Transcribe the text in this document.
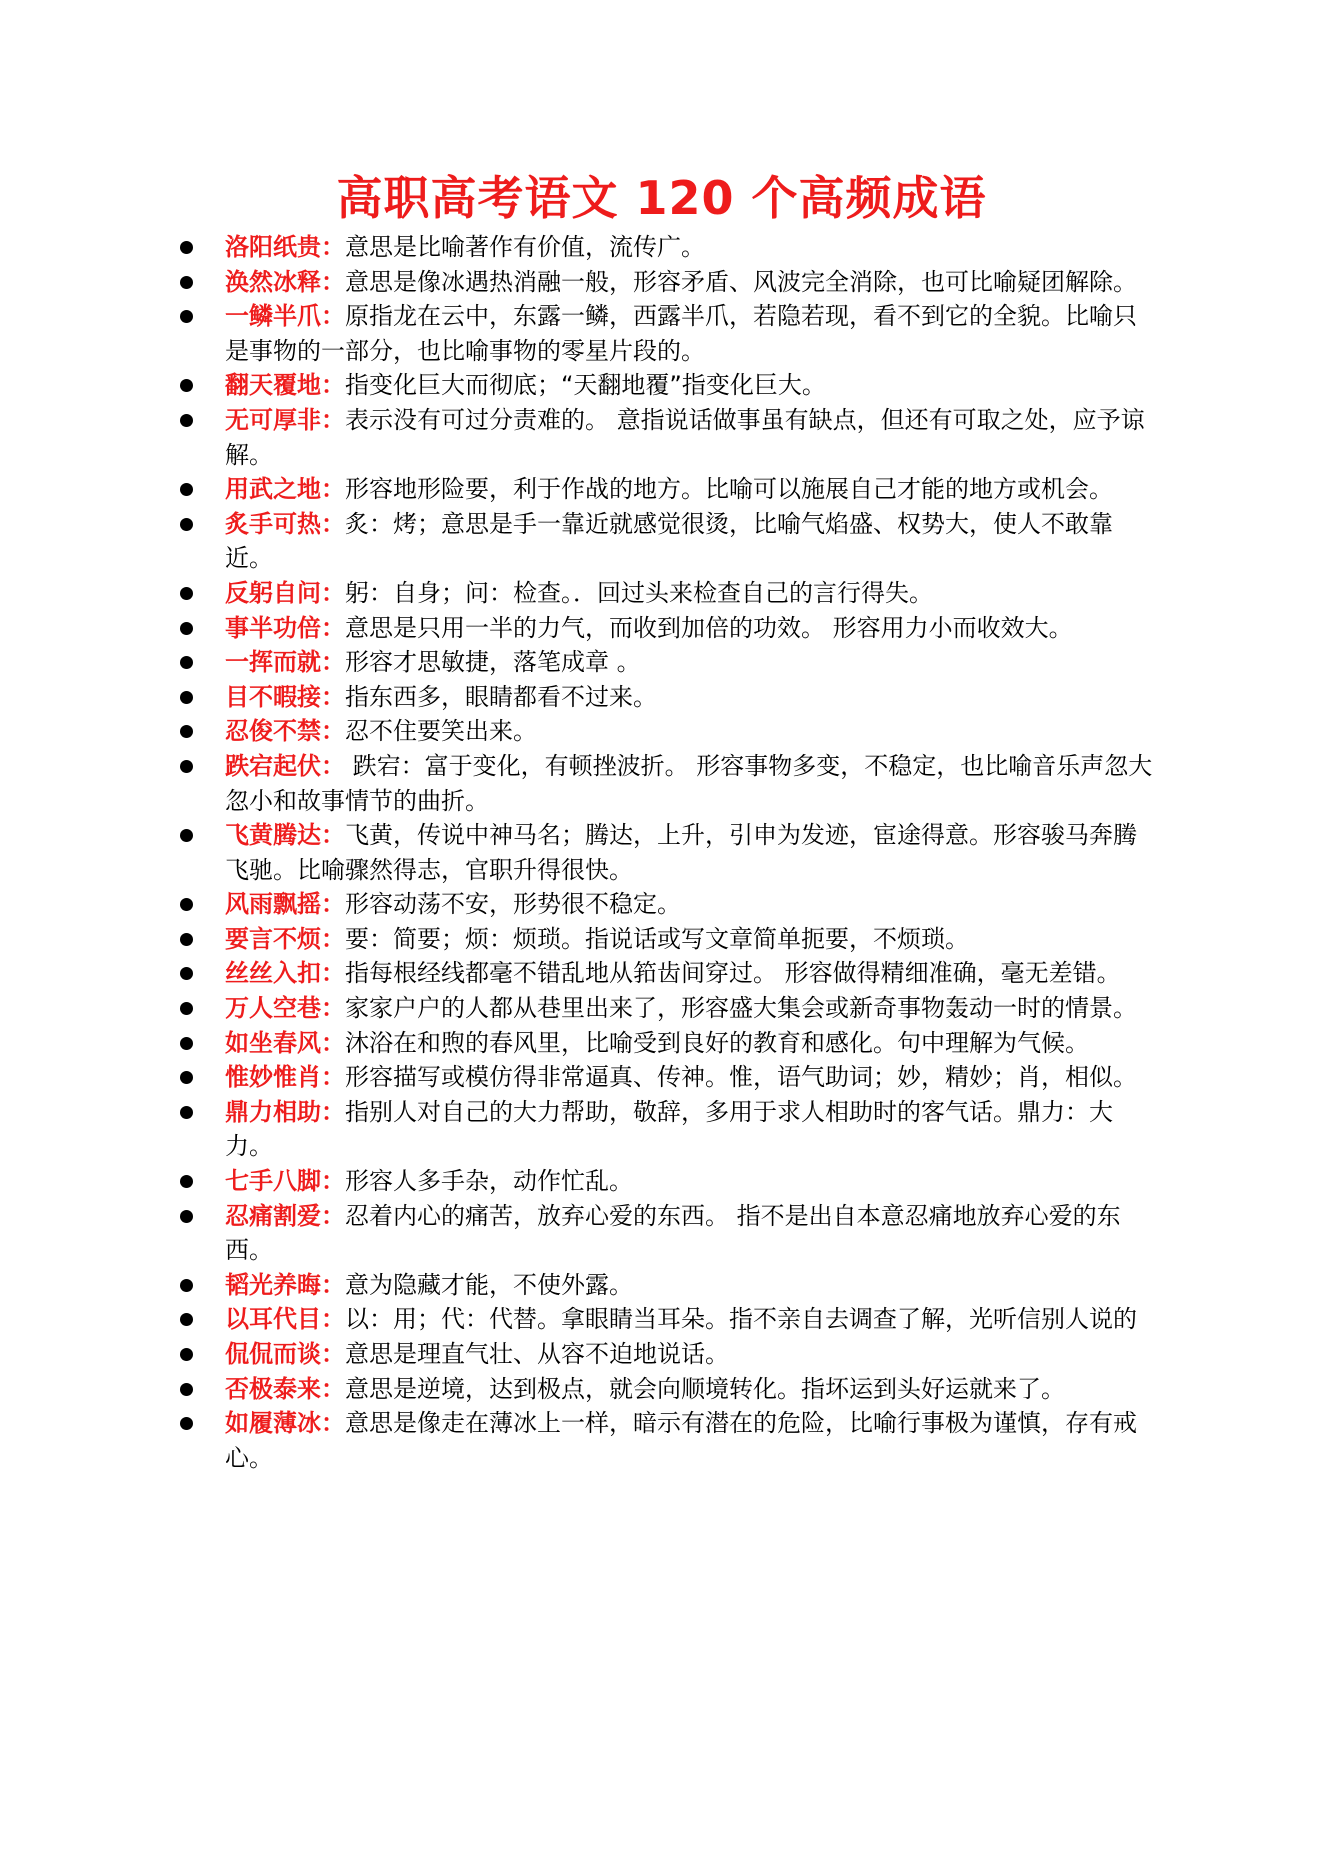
高职高考语文 120 个高频成语
洛阳纸贵：意思是比喻著作有价值，流传广。
涣然冰释：意思是像冰遇热消融一般，形容矛盾、风波完全消除，也可比喻疑团解除。
一鳞半爪：原指龙在云中，东露一鳞，西露半爪，若隐若现，看不到它的全貌。比喻只是事物的一部分，也比喻事物的零星片段的。
翻天覆地：指变化巨大而彻底；“天翻地覆”指变化巨大。
无可厚非：表示没有可过分责难的。 意指说话做事虽有缺点，但还有可取之处，应予谅解。
用武之地：形容地形险要，利于作战的地方。比喻可以施展自己才能的地方或机会。
炙手可热：炙：烤；意思是手一靠近就感觉很烫，比喻气焰盛、权势大，使人不敢靠近。
反躬自问：躬：自身；问：检查。．回过头来检查自己的言行得失。
事半功倍：意思是只用一半的力气，而收到加倍的功效。 形容用力小而收效大。
一挥而就：形容才思敏捷，落笔成章 。
目不暇接：指东西多，眼睛都看不过来。
忍俊不禁：忍不住要笑出来。
跌宕起伏： 跌宕：富于变化，有顿挫波折。 形容事物多变，不稳定，也比喻音乐声忽大忽小和故事情节的曲折。
飞黄腾达：飞黄，传说中神马名；腾达，上升，引申为发迹，宦途得意。形容骏马奔腾飞驰。比喻骤然得志，官职升得很快。
风雨飘摇：形容动荡不安，形势很不稳定。
要言不烦：要：简要；烦：烦琐。指说话或写文章简单扼要，不烦琐。
丝丝入扣：指每根经线都毫不错乱地从筘齿间穿过。 形容做得精细准确，毫无差错。
万人空巷：家家户户的人都从巷里出来了，形容盛大集会或新奇事物轰动一时的情景。
如坐春风：沐浴在和煦的春风里，比喻受到良好的教育和感化。句中理解为气候。
惟妙惟肖：形容描写或模仿得非常逼真、传神。惟，语气助词；妙，精妙；肖，相似。
鼎力相助：指别人对自己的大力帮助，敬辞，多用于求人相助时的客气话。鼎力：大力。
七手八脚：形容人多手杂，动作忙乱。
忍痛割爱：忍着内心的痛苦，放弃心爱的东西。 指不是出自本意忍痛地放弃心爱的东西。
韬光养晦：意为隐藏才能，不使外露。
以耳代目：以：用；代：代替。拿眼睛当耳朵。指不亲自去调查了解，光听信别人说的
侃侃而谈：意思是理直气壮、从容不迫地说话。
否极泰来：意思是逆境，达到极点，就会向顺境转化。指坏运到头好运就来了。
如履薄冰：意思是像走在薄冰上一样，暗示有潜在的危险，比喻行事极为谨慎，存有戒心。
